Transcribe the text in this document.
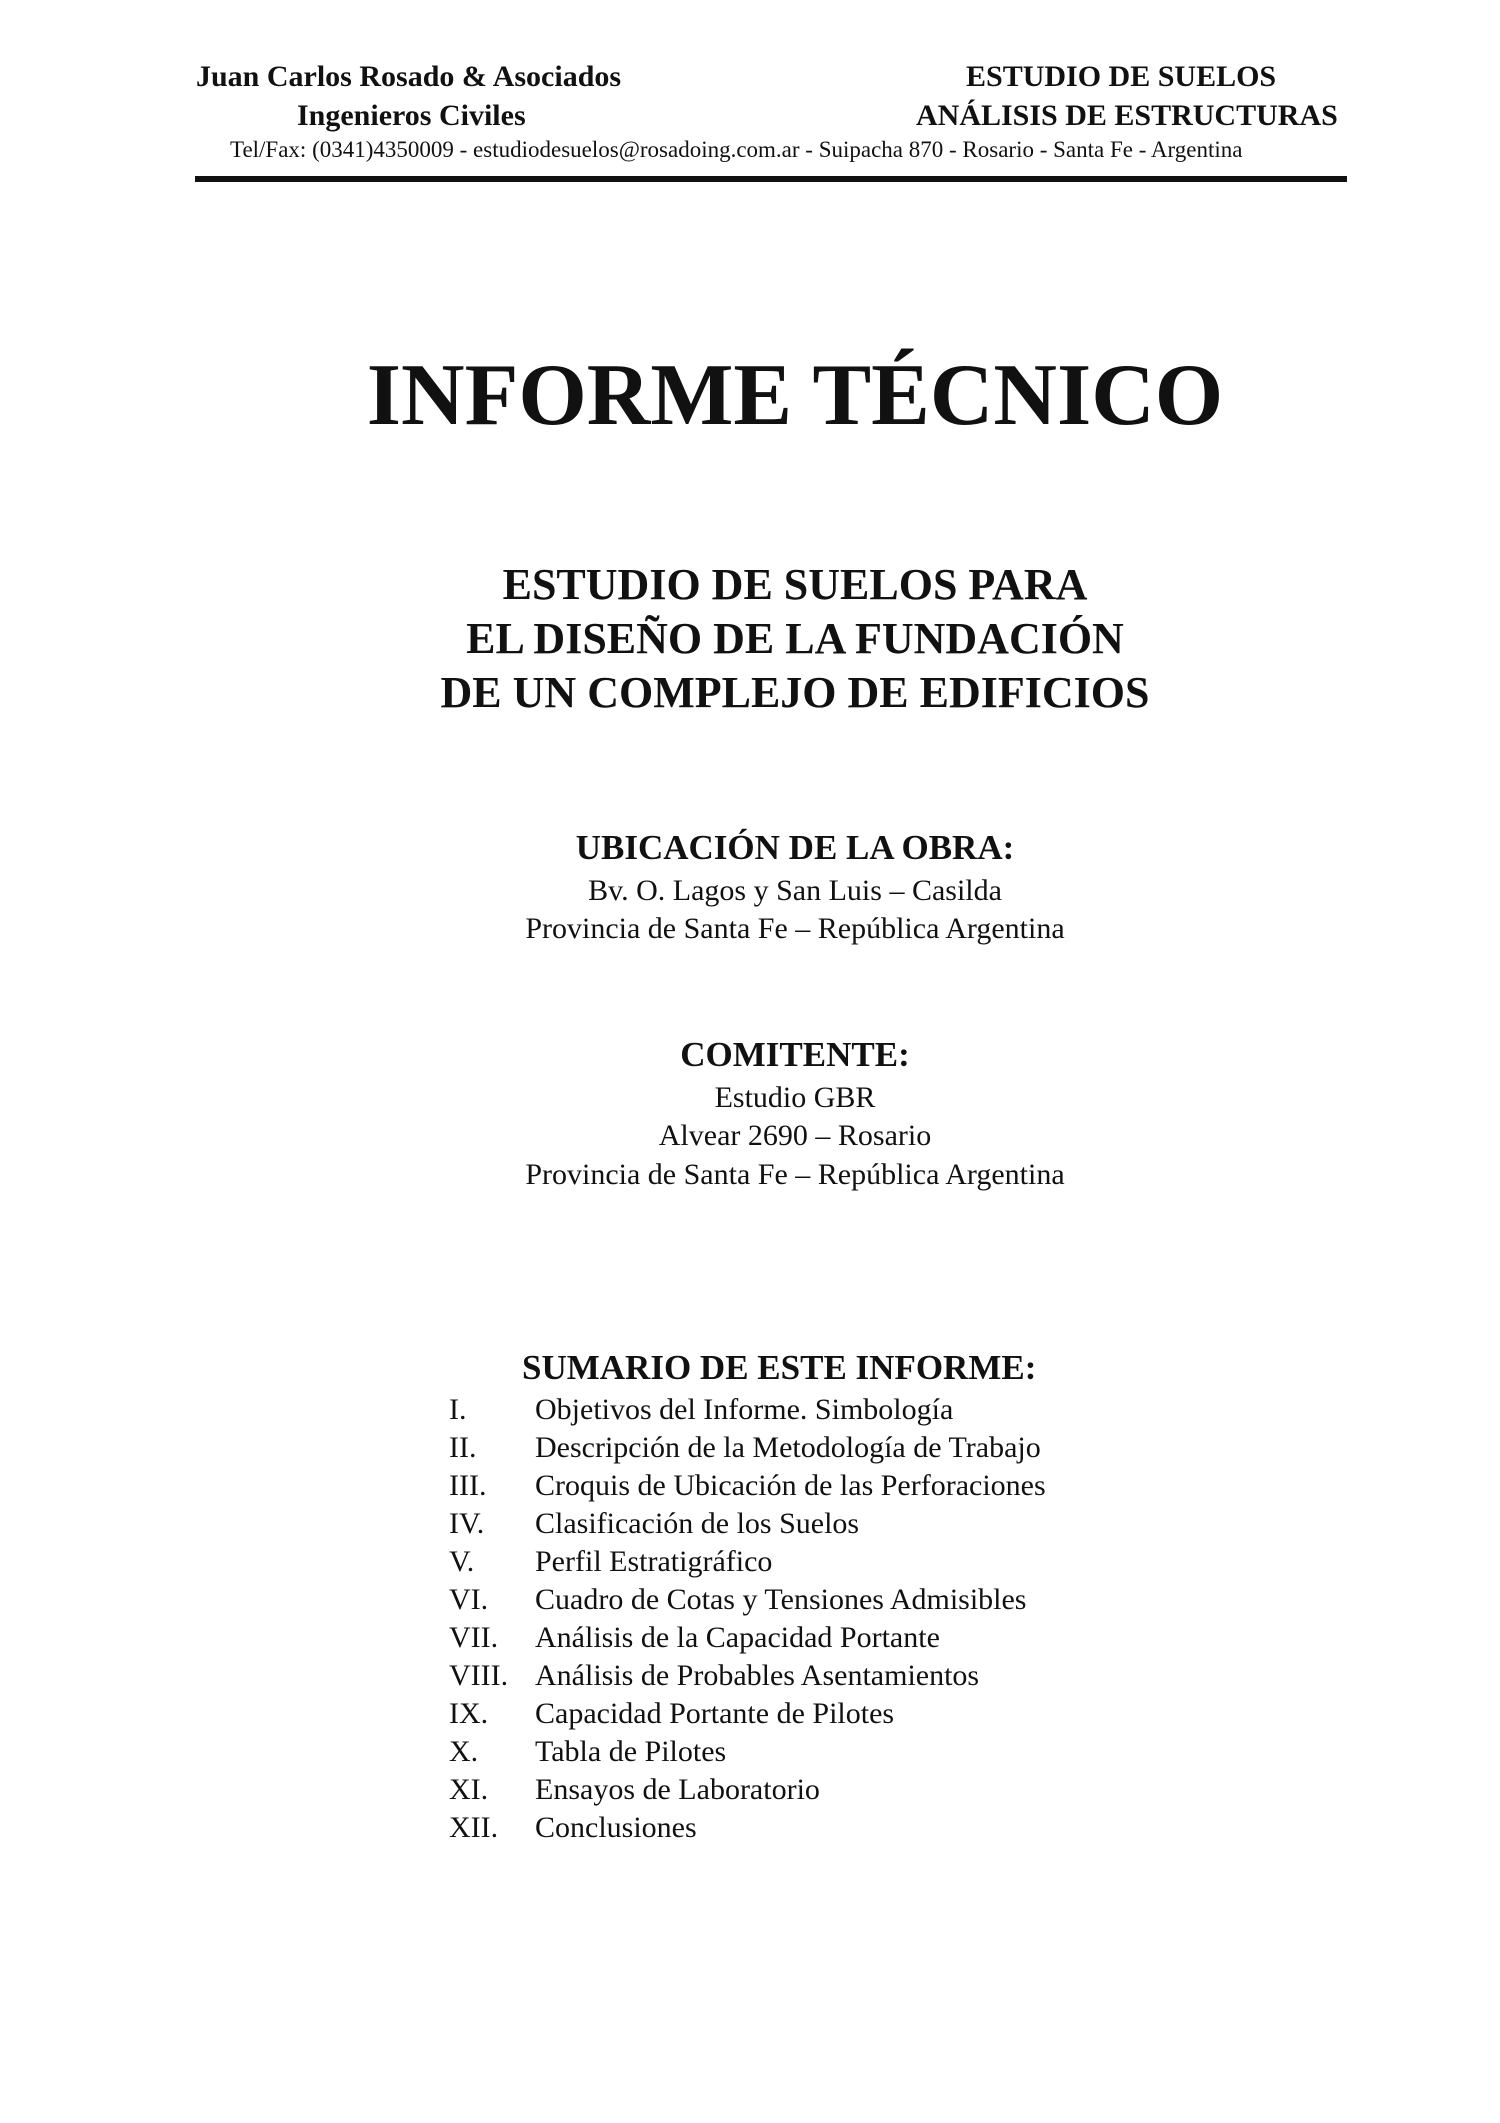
Juan Carlos Rosado & Asociados
Ingenieros Civiles
ESTUDIO DE SUELOS
ANÁLISIS DE ESTRUCTURAS
Tel/Fax: (0341)4350009 - estudiodesuelos@rosadoing.com.ar - Suipacha 870 - Rosario - Santa Fe - Argentina
INFORME TÉCNICO
ESTUDIO DE SUELOS PARA
EL DISEÑO DE LA FUNDACIÓN
DE UN COMPLEJO DE EDIFICIOS
UBICACIÓN DE LA OBRA:
Bv. O. Lagos y San Luis – Casilda
Provincia de Santa Fe – República Argentina
COMITENTE:
Estudio GBR
Alvear 2690 – Rosario
Provincia de Santa Fe – República Argentina
SUMARIO DE ESTE INFORME:
I. Objetivos del Informe. Simbología
II. Descripción de la Metodología de Trabajo
III. Croquis de Ubicación de las Perforaciones
IV. Clasificación de los Suelos
V. Perfil Estratigráfico
VI. Cuadro de Cotas y Tensiones Admisibles
VII. Análisis de la Capacidad Portante
VIII. Análisis de Probables Asentamientos
IX. Capacidad Portante de Pilotes
X. Tabla de Pilotes
XI. Ensayos de Laboratorio
XII. Conclusiones
